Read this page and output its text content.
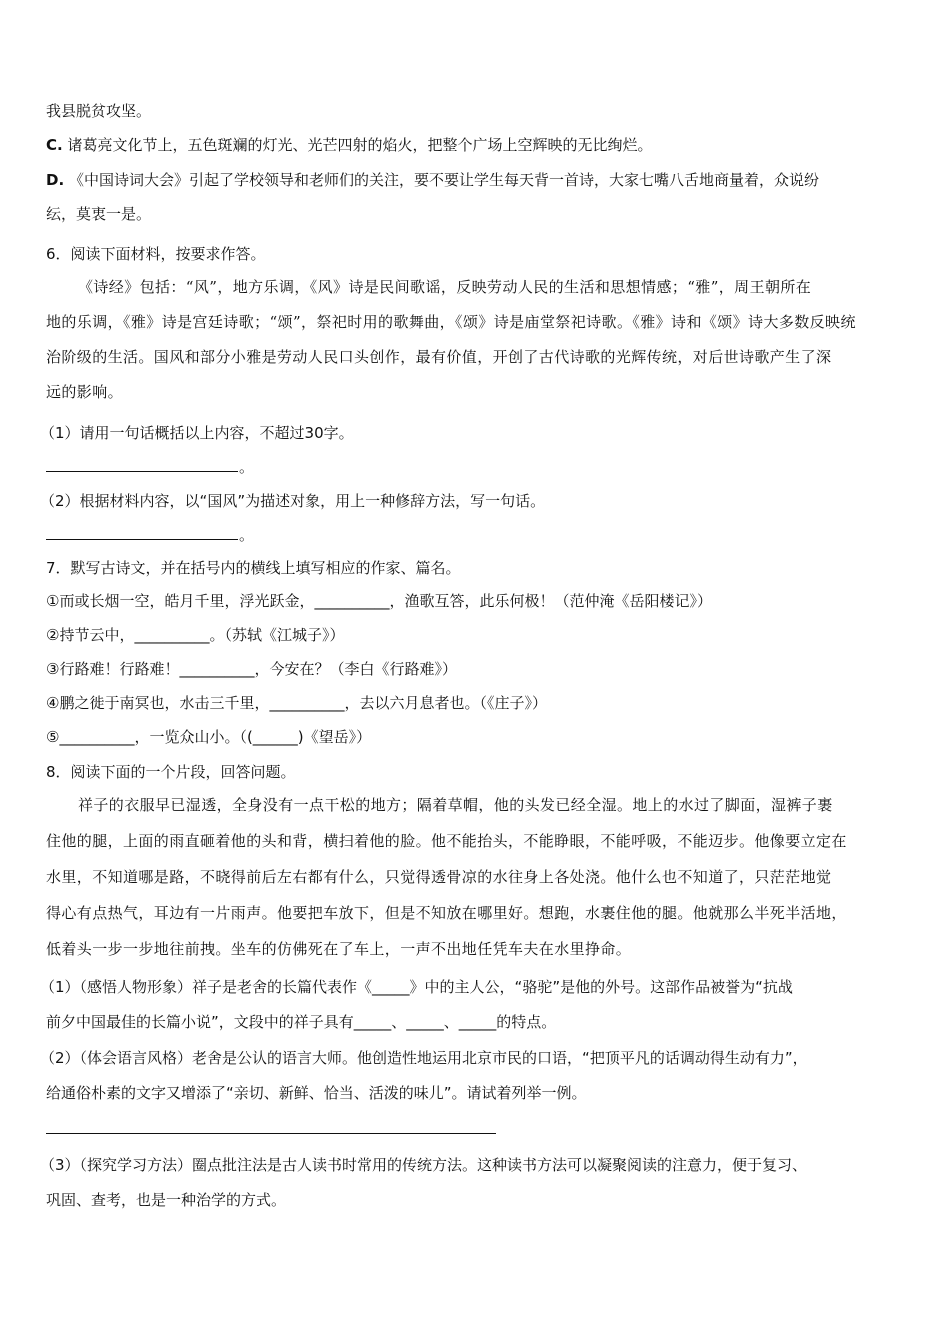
我县脱贫攻坚。
C. 诸葛亮文化节上，五色斑斓的灯光、光芒四射的焰火，把整个广场上空辉映的无比绚烂。
D. 《中国诗词大会》引起了学校领导和老师们的关注，要不要让学生每天背一首诗，大家七嘴八舌地商量着，众说纷
纭，莫衷一是。
6．阅读下面材料，按要求作答。
《诗经》包括：“风”，地方乐调，《风》诗是民间歌谣，反映劳动人民的生活和思想情感；“雅”，周王朝所在
地的乐调，《雅》诗是宫廷诗歌；“颂”，祭祀时用的歌舞曲，《颂》诗是庙堂祭祀诗歌。《雅》诗和《颂》诗大多数反映统
治阶级的生活。国风和部分小雅是劳动人民口头创作，最有价值，开创了古代诗歌的光辉传统，对后世诗歌产生了深
远的影响。
（1）请用一句话概括以上内容，不超过30字。
。
（2）根据材料内容，以“国风”为描述对象，用上一种修辞方法，写一句话。
。
7．默写古诗文，并在括号内的横线上填写相应的作家、篇名。
①而或长烟一空，皓月千里，浮光跃金，__________，渔歌互答，此乐何极！（范仲淹《岳阳楼记》）
②持节云中，__________。（苏轼《江城子》）
③行路难！行路难！__________，今安在？（李白《行路难》）
④鹏之徙于南冥也，水击三千里，__________，去以六月息者也。（《庄子》）
⑤__________，一览众山小。（(______)《望岳》）
8．阅读下面的一个片段，回答问题。
祥子的衣服早已湿透，全身没有一点干松的地方；隔着草帽，他的头发已经全湿。地上的水过了脚面，湿裤子裹
住他的腿，上面的雨直砸着他的头和背，横扫着他的脸。他不能抬头，不能睁眼，不能呼吸，不能迈步。他像要立定在
水里，不知道哪是路，不晓得前后左右都有什么，只觉得透骨凉的水往身上各处浇。他什么也不知道了，只茫茫地觉
得心有点热气，耳边有一片雨声。他要把车放下，但是不知放在哪里好。想跑，水裹住他的腿。他就那么半死半活地，
低着头一步一步地往前拽。坐车的仿佛死在了车上，一声不出地任凭车夫在水里挣命。
（1）（感悟人物形象）祥子是老舍的长篇代表作《_____》中的主人公，“骆驼”是他的外号。这部作品被誉为“抗战
前夕中国最佳的长篇小说”，文段中的祥子具有_____、_____、_____的特点。
（2）（体会语言风格）老舍是公认的语言大师。他创造性地运用北京市民的口语，“把顶平凡的话调动得生动有力”，
给通俗朴素的文字又增添了“亲切、新鲜、恰当、活泼的味儿”。请试着列举一例。
（3）（探究学习方法）圈点批注法是古人读书时常用的传统方法。这种读书方法可以凝聚阅读的注意力，便于复习、
巩固、查考，也是一种治学的方式。
